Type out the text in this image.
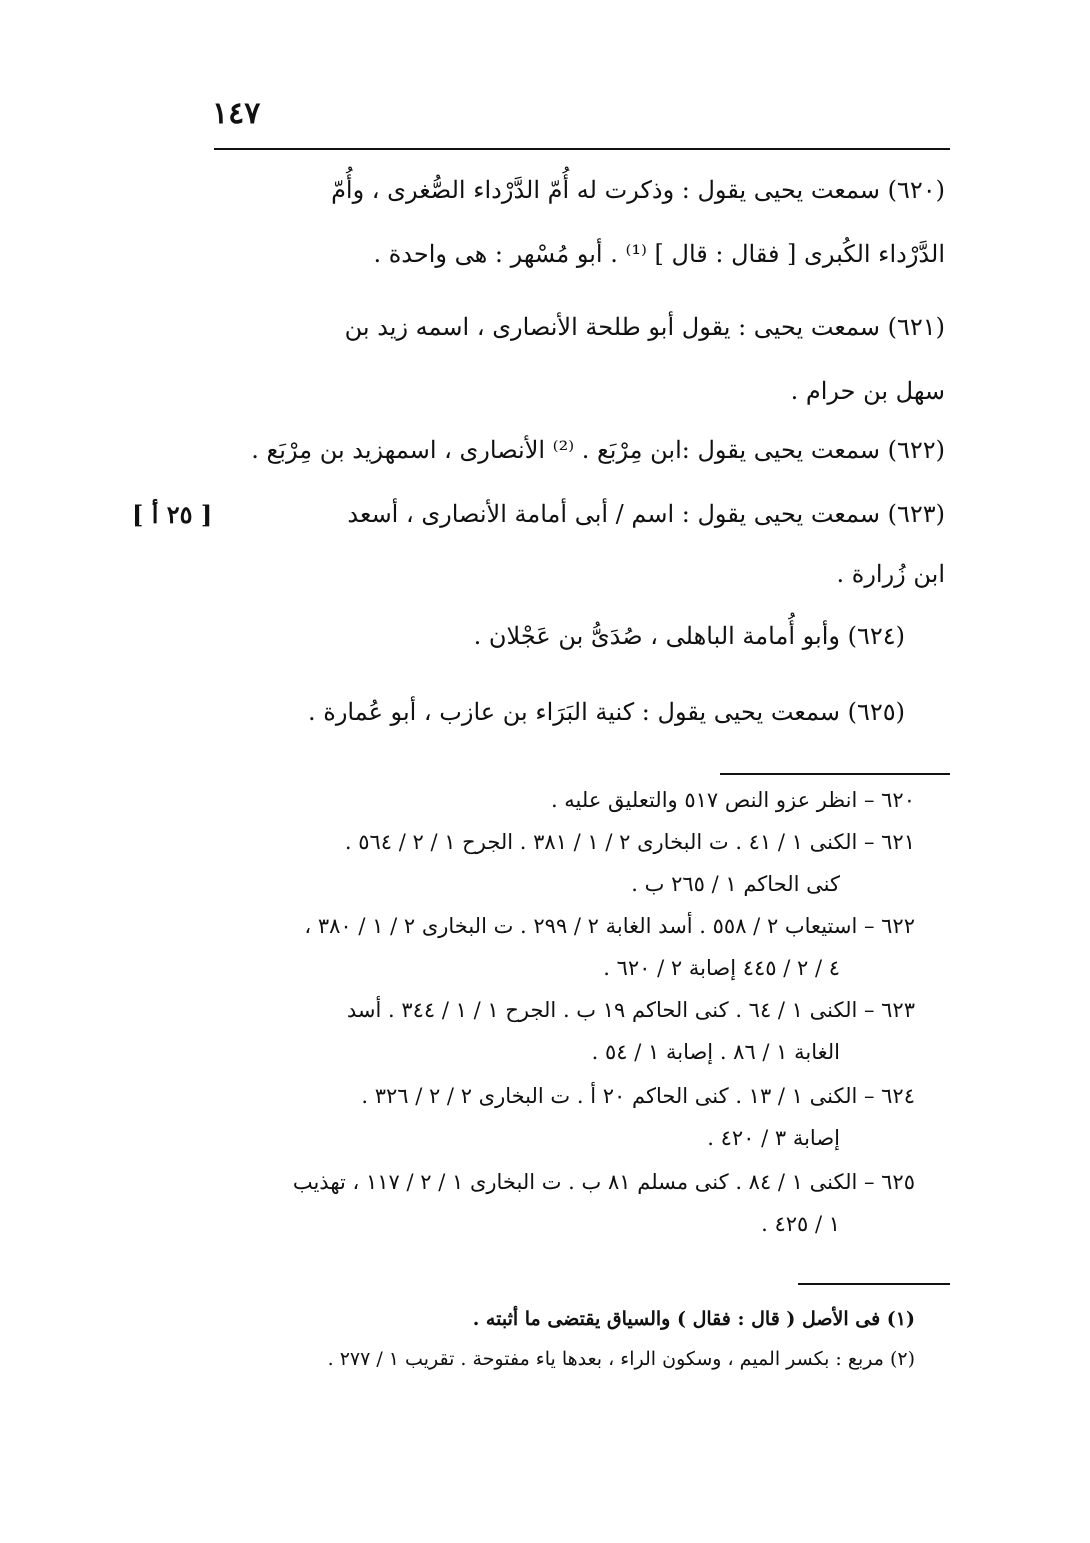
١٤٧
(٦٢٠) سمعت يحيى يقول : وذكرت له أُمّ الدَّرْداء الصُّغرى ، وأُمّ
الدَّرْداء الكُبرى [ فقال : قال ] ⁽¹⁾ . أبو مُسْهر : هى واحدة .
(٦٢١) سمعت يحيى : يقول أبو طلحة الأنصارى ، اسمه زيد بن
سهل بن حرام .
(٦٢٢) سمعت يحيى يقول :ابن مِرْبَع . ⁽²⁾ الأنصارى ، اسمهزيد بن مِرْبَع .
(٦٢٣) سمعت يحيى يقول : اسم / أبى أمامة الأنصارى ، أسعد
ابن زُرارة .
[ ٢٥ أ ]
(٦٢٤) وأبو أُمامة الباهلى ، صُدَىُّ بن عَجْلان .
(٦٢٥) سمعت يحيى يقول : كنية البَرَاء بن عازب ، أبو عُمارة .
٦٢٠ – انظر عزو النص ٥١٧ والتعليق عليه .
٦٢١ – الكنى ١ / ٤١ . ت البخارى ٢ / ١ / ٣٨١ . الجرح ١ / ٢ / ٥٦٤ .
كنى الحاكم ١ / ٢٦٥ ب .
٦٢٢ – استيعاب ٢ / ٥٥٨ . أسد الغابة ٢ / ٢٩٩ . ت البخارى ٢ / ١ / ٣٨٠ ،
٤ / ٢ / ٤٤٥ إصابة ٢ / ٦٢٠ .
٦٢٣ – الكنى ١ / ٦٤ . كنى الحاكم ١٩ ب . الجرح ١ / ١ / ٣٤٤ . أسد
الغابة ١ / ٨٦ . إصابة ١ / ٥٤ .
٦٢٤ – الكنى ١ / ١٣ . كنى الحاكم ٢٠ أ . ت البخارى ٢ / ٢ / ٣٢٦ .
إصابة ٣ / ٤٢٠ .
٦٢٥ – الكنى ١ / ٨٤ . كنى مسلم ٨١ ب . ت البخارى ١ / ٢ / ١١٧ ، تهذيب
١ / ٤٢٥ .
(١) فى الأصل ( قال : فقال ) والسياق يقتضى ما أثبته .
(٢) مربع : بكسر الميم ، وسكون الراء ، بعدها ياء مفتوحة . تقريب ١ / ٢٧٧ .
